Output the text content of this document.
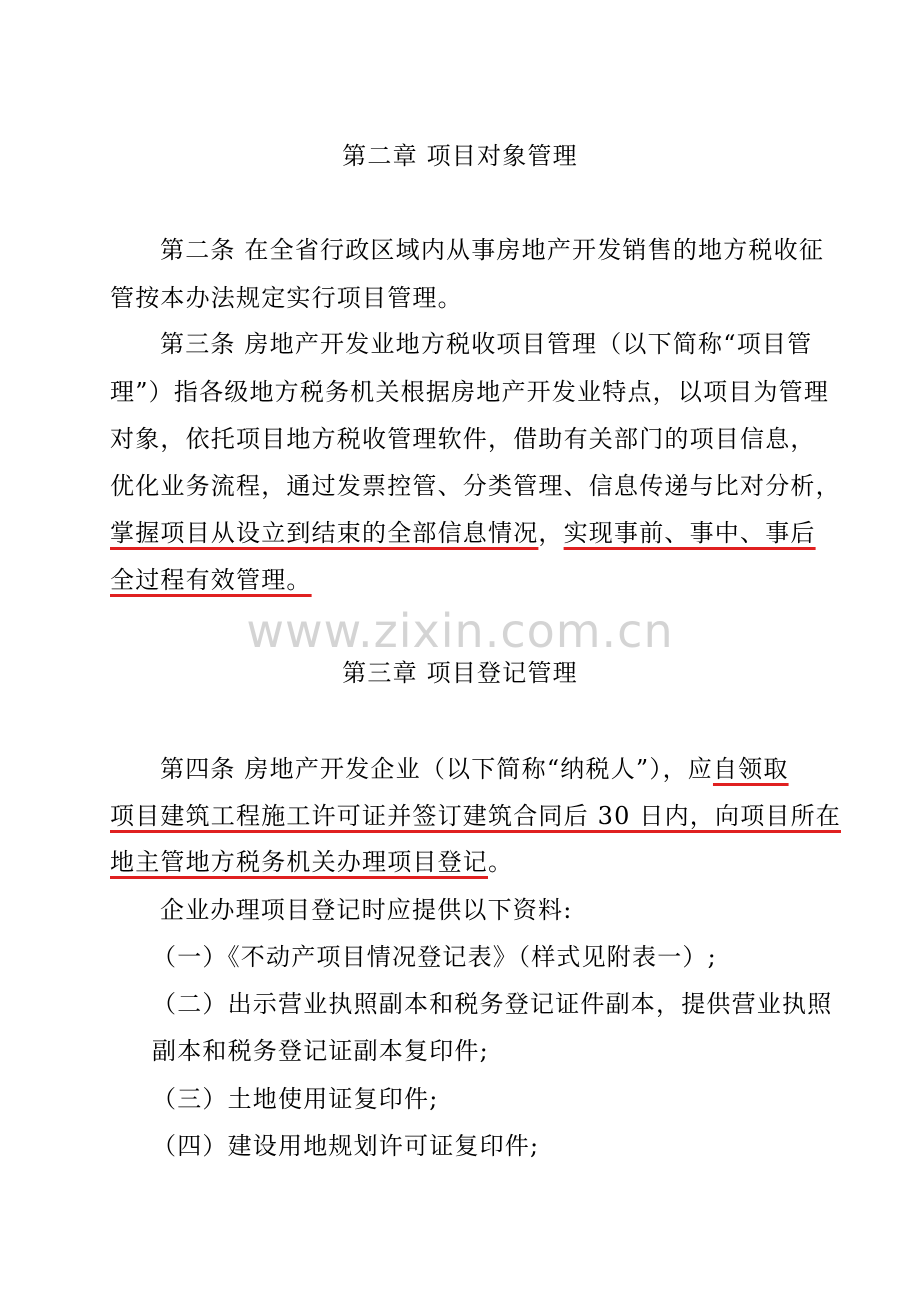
第二章 项目对象管理
第二条 在全省行政区域内从事房地产开发销售的地方税收征
管按本办法规定实行项目管理。
第三条 房地产开发业地方税收项目管理（以下简称“项目管
理”）指各级地方税务机关根据房地产开发业特点，以项目为管理
对象，依托项目地方税收管理软件，借助有关部门的项目信息，
优化业务流程，通过发票控管、分类管理、信息传递与比对分析，
掌握项目从设立到结束的全部信息情况，实现事前、事中、事后
全过程有效管理。
www.zixin.com.cn
第三章 项目登记管理
第四条 房地产开发企业（以下简称“纳税人”），应自领取
项目建筑工程施工许可证并签订建筑合同后 30 日内，向项目所在
地主管地方税务机关办理项目登记。
企业办理项目登记时应提供以下资料:
（一）《不动产项目情况登记表》（样式见附表一）;
（二）出示营业执照副本和税务登记证件副本，提供营业执照
副本和税务登记证副本复印件;
（三）土地使用证复印件;
（四）建设用地规划许可证复印件;
